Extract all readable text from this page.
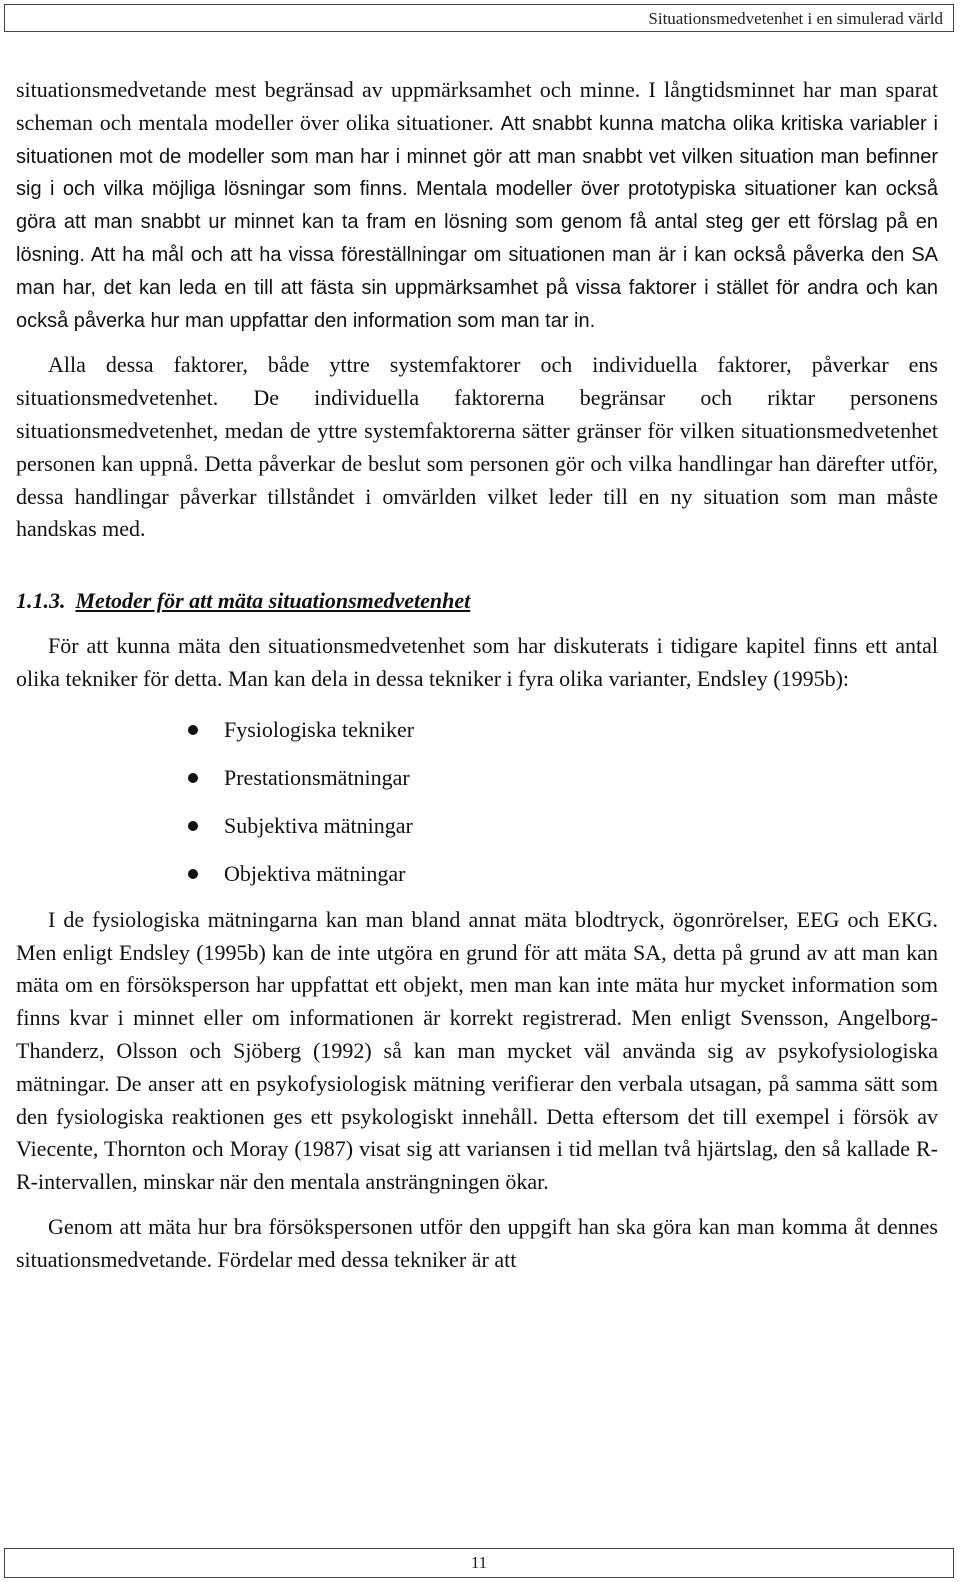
Situationsmedvetenhet i en simulerad värld

situationsmedvetande mest begränsad av uppmärksamhet och minne. I långtidsminnet har man sparat scheman och mentala modeller över olika situationer. Att snabbt kunna matcha olika kritiska variabler i situationen mot de modeller som man har i minnet gör att man snabbt vet vilken situation man befinner sig i och vilka möjliga lösningar som finns. Mentala modeller över prototypiska situationer kan också göra att man snabbt ur minnet kan ta fram en lösning som genom få antal steg ger ett förslag på en lösning. Att ha mål och att ha vissa föreställningar om situationen man är i kan också påverka den SA man har, det kan leda en till att fästa sin uppmärksamhet på vissa faktorer i stället för andra och kan också påverka hur man uppfattar den information som man tar in.

Alla dessa faktorer, både yttre systemfaktorer och individuella faktorer, påverkar ens situationsmedvetenhet. De individuella faktorerna begränsar och riktar personens situationsmedvetenhet, medan de yttre systemfaktorerna sätter gränser för vilken situationsmedvetenhet personen kan uppnå. Detta påverkar de beslut som personen gör och vilka handlingar han därefter utför, dessa handlingar påverkar tillståndet i omvärlden vilket leder till en ny situation som man måste handskas med.

1.1.3. Metoder för att mäta situationsmedvetenhet

För att kunna mäta den situationsmedvetenhet som har diskuterats i tidigare kapitel finns ett antal olika tekniker för detta. Man kan dela in dessa tekniker i fyra olika varianter, Endsley (1995b):

Fysiologiska tekniker
Prestationsmätningar
Subjektiva mätningar
Objektiva mätningar

I de fysiologiska mätningarna kan man bland annat mäta blodtryck, ögonrörelser, EEG och EKG. Men enligt Endsley (1995b) kan de inte utgöra en grund för att mäta SA, detta på grund av att man kan mäta om en försöksperson har uppfattat ett objekt, men man kan inte mäta hur mycket information som finns kvar i minnet eller om informationen är korrekt registrerad. Men enligt Svensson, Angelborg-Thanderz, Olsson och Sjöberg (1992) så kan man mycket väl använda sig av psykofysiologiska mätningar. De anser att en psykofysiologisk mätning verifierar den verbala utsagan, på samma sätt som den fysiologiska reaktionen ges ett psykologiskt innehåll. Detta eftersom det till exempel i försök av Viecente, Thornton och Moray (1987) visat sig att variansen i tid mellan två hjärtslag, den så kallade R-R-intervallen, minskar när den mentala ansträngningen ökar.

Genom att mäta hur bra försökspersonen utför den uppgift han ska göra kan man komma åt dennes situationsmedvetande. Fördelar med dessa tekniker är att

11
